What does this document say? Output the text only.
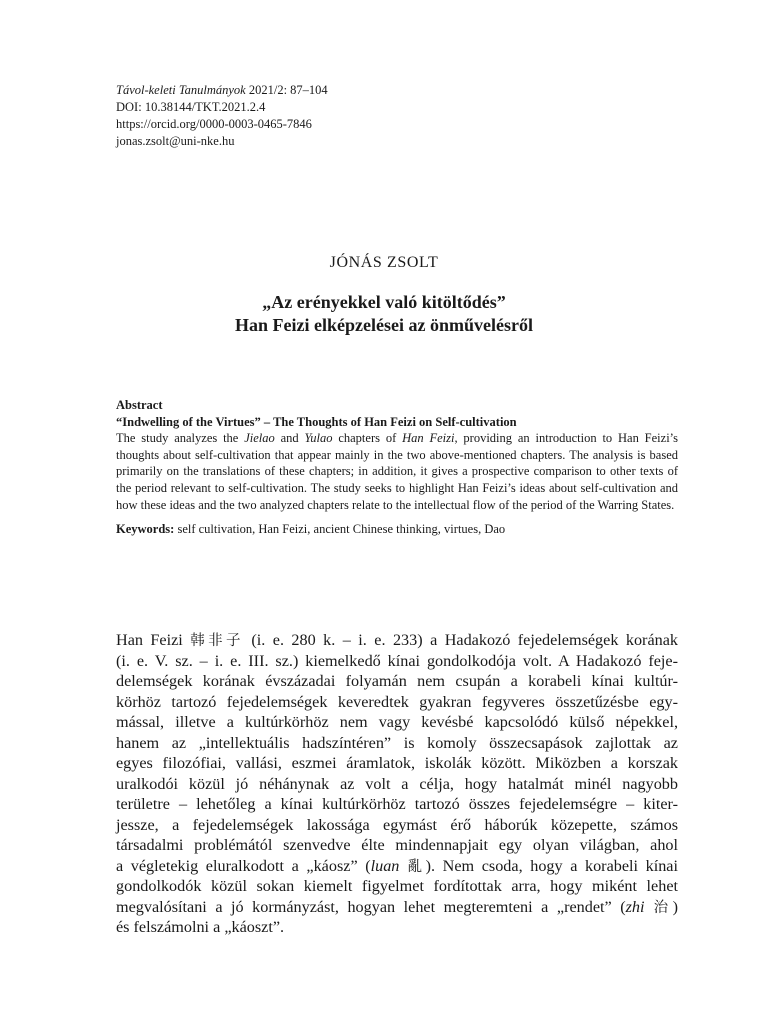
Távol-keleti Tanulmányok 2021/2: 87–104
DOI: 10.38144/TKT.2021.2.4
https://orcid.org/0000-0003-0465-7846
jonas.zsolt@uni-nke.hu
JÓNÁS ZSOLT
„Az erényekkel való kitöltődés”
Han Feizi elképzelései az önművelésről
Abstract
“Indwelling of the Virtues” – The Thoughts of Han Feizi on Self-cultivation
The study analyzes the Jielao and Yulao chapters of Han Feizi, providing an introduction to Han Feizi’s thoughts about self-cultivation that appear mainly in the two above-mentioned chapters. The analysis is based primarily on the translations of these chapters; in addition, it gives a prospective comparison to other texts of the period relevant to self-cultivation. The study seeks to highlight Han Feizi’s ideas about self-cultivation and how these ideas and the two analyzed chapters relate to the intellectual flow of the period of the Warring States.
Keywords: self cultivation, Han Feizi, ancient Chinese thinking, virtues, Dao
Han Feizi 韩非子 (i. e. 280 k. – i. e. 233) a Hadakozó fejedelemségek korának
(i. e. V. sz. – i. e. III. sz.) kiemelkedő kínai gondolkodója volt. A Hadakozó feje-
delemségek korának évszázadai folyamán nem csupán a korabeli kínai kultúr-
körhöz tartozó fejedelemségek keveredtek gyakran fegyveres összetűzésbe egy-
mással, illetve a kultúrkörhöz nem vagy kevésbé kapcsolódó külső népekkel,
hanem az „intellektuális hadszíntéren” is komoly összecsapások zajlottak az
egyes filozófiai, vallási, eszmei áramlatok, iskolák között. Miközben a korszak
uralkodói közül jó néhánynak az volt a célja, hogy hatalmát minél nagyobb
területre – lehetőleg a kínai kultúrkörhöz tartozó összes fejedelemségre – kiter-
jessze, a fejedelemségek lakossága egymást érő háborúk közepette, számos
társadalmi problémától szenvedve élte mindennapjait egy olyan világban, ahol
a végletekig eluralkodott a „káosz” (luan 亂). Nem csoda, hogy a korabeli kínai
gondolkodók közül sokan kiemelt figyelmet fordítottak arra, hogy miként lehet
megvalósítani a jó kormányzást, hogyan lehet megteremteni a „rendet” (zhi 治)
és felszámolni a „káoszt”.
